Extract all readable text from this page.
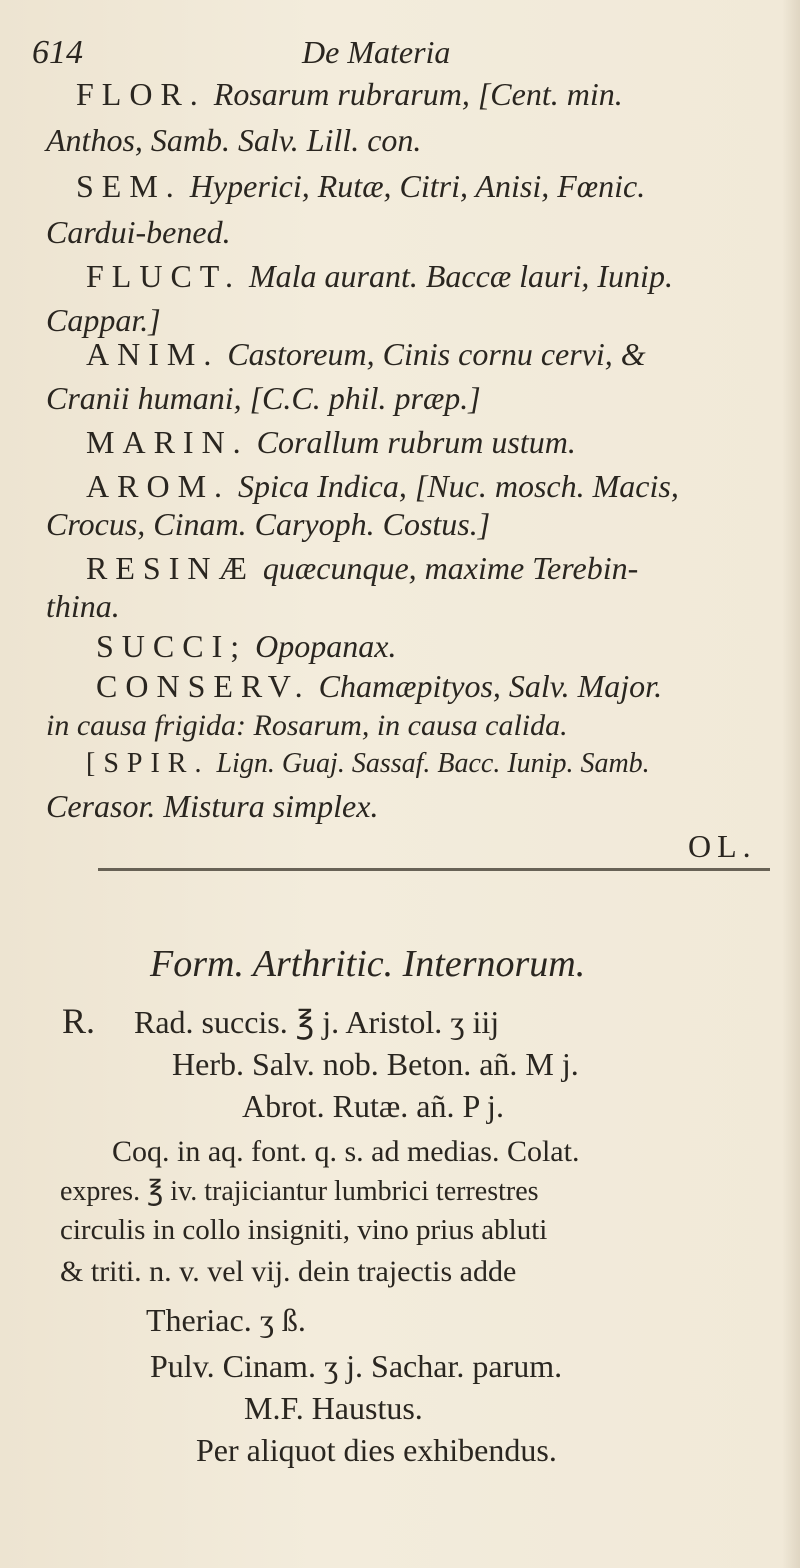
614	De Materia
FLOR. Rosarum rubrarum, [Cent. min.
Anthos, Samb. Salv. Lill. con.
SEM. Hyperici, Rutæ, Citri, Anisi, Fœnic.
Cardui-bened.
FLUCT. Mala aurant. Baccæ lauri, Iunip.
Cappar.]
ANIM. Castoreum, Cinis cornu cervi, &
Cranii humani, [C.C. phil. præp.]
MARIN. Corallum rubrum ustum.
AROM. Spica Indica, [Nuc. mosch. Macis,
Crocus, Cinam. Caryoph. Costus.]
RESINÆ quæcunque, maxime Terebin-
thina.
SUCCI; Opopanax.
CONSERV. Chamæpityos, Salv. Major.
in causa frigida: Rosarum, in causa calida.
[SPIR. Lign. Guaj. Sassaf. Bacc. Iunip. Samb.
Cerasor. Mistura simplex.
OL.
Form. Arthritic. Internorum.
R. Rad. succis. ℥ j. Aristol. ʒ iij
Herb. Salv. nob. Beton. añ. M j.
Abrot. Rutæ. añ. P j.
Coq. in aq. font. q. s. ad medias. Colat.
expres. ℥ iv. trajiciantur lumbrici terrestres
circulis in collo insigniti, vino prius abluti
& triti. n. v. vel vij. dein trajectis adde
Theriac. ʒ ß.
Pulv. Cinam. ʒ j. Sachar. parum.
M.F. Haustus.
Per aliquot dies exhibendus.
